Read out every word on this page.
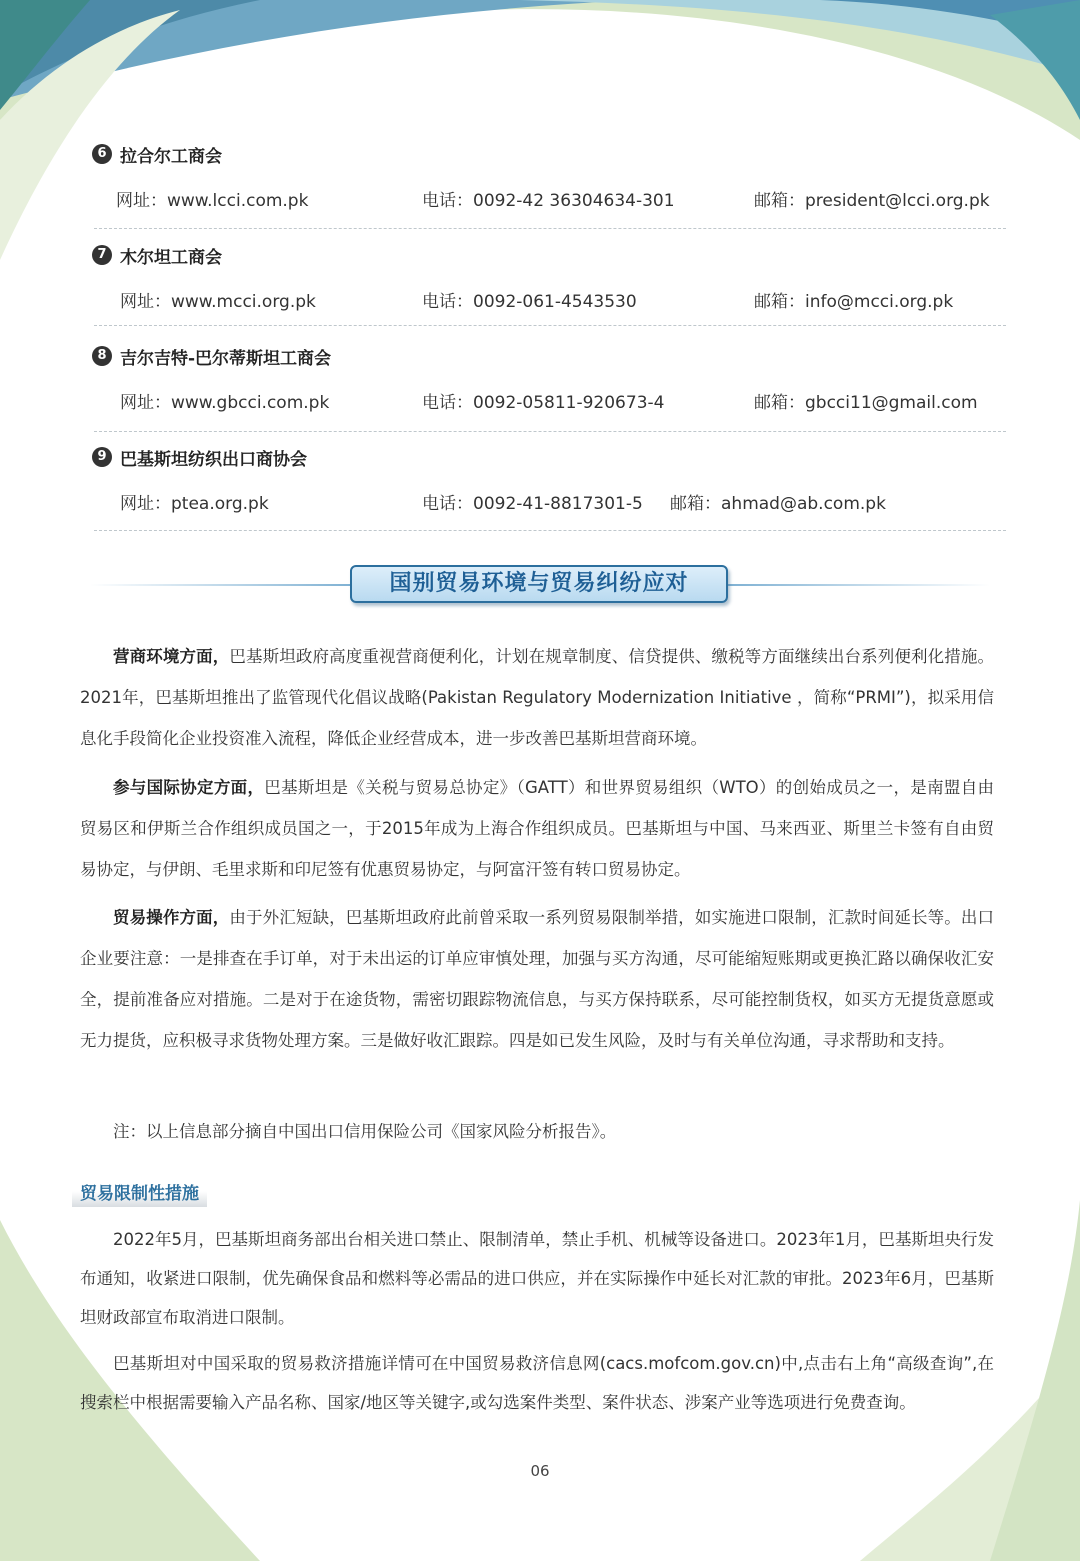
6 拉合尔工商会
网址：www.lcci.com.pk	电话：0092-42 36304634-301	邮箱：president@lcci.org.pk
7 木尔坦工商会
网址：www.mcci.org.pk	电话：0092-061-4543530	邮箱：info@mcci.org.pk
8 吉尔吉特-巴尔蒂斯坦工商会
网址：www.gbcci.com.pk	电话：0092-05811-920673-4	邮箱：gbcci11@gmail.com
9 巴基斯坦纺织出口商协会
网址：ptea.org.pk	电话：0092-41-8817301-5 邮箱：ahmad@ab.com.pk
国别贸易环境与贸易纠纷应对

营商环境方面，巴基斯坦政府高度重视营商便利化，计划在规章制度、信贷提供、缴税等方面继续出台系列便利化措施。2021年，巴基斯坦推出了监管现代化倡议战略(Pakistan Regulatory Modernization Initiative ，简称“PRMI”)，拟采用信息化手段简化企业投资准入流程，降低企业经营成本，进一步改善巴基斯坦营商环境。

参与国际协定方面，巴基斯坦是《关税与贸易总协定》（GATT）和世界贸易组织（WTO）的创始成员之一，是南盟自由贸易区和伊斯兰合作组织成员国之一，于2015年成为上海合作组织成员。巴基斯坦与中国、马来西亚、斯里兰卡签有自由贸易协定，与伊朗、毛里求斯和印尼签有优惠贸易协定，与阿富汗签有转口贸易协定。

贸易操作方面，由于外汇短缺，巴基斯坦政府此前曾采取一系列贸易限制举措，如实施进口限制，汇款时间延长等。出口企业要注意：一是排查在手订单，对于未出运的订单应审慎处理，加强与买方沟通，尽可能缩短账期或更换汇路以确保收汇安全，提前准备应对措施。二是对于在途货物，需密切跟踪物流信息，与买方保持联系，尽可能控制货权，如买方无提货意愿或无力提货，应积极寻求货物处理方案。三是做好收汇跟踪。四是如已发生风险，及时与有关单位沟通，寻求帮助和支持。

注：以上信息部分摘自中国出口信用保险公司《国家风险分析报告》。

贸易限制性措施

2022年5月，巴基斯坦商务部出台相关进口禁止、限制清单，禁止手机、机械等设备进口。2023年1月，巴基斯坦央行发布通知，收紧进口限制，优先确保食品和燃料等必需品的进口供应，并在实际操作中延长对汇款的审批。2023年6月，巴基斯坦财政部宣布取消进口限制。

巴基斯坦对中国采取的贸易救济措施详情可在中国贸易救济信息网(cacs.mofcom.gov.cn)中,点击右上角“高级查询”,在搜索栏中根据需要输入产品名称、国家/地区等关键字,或勾选案件类型、案件状态、涉案产业等选项进行免费查询。

06
